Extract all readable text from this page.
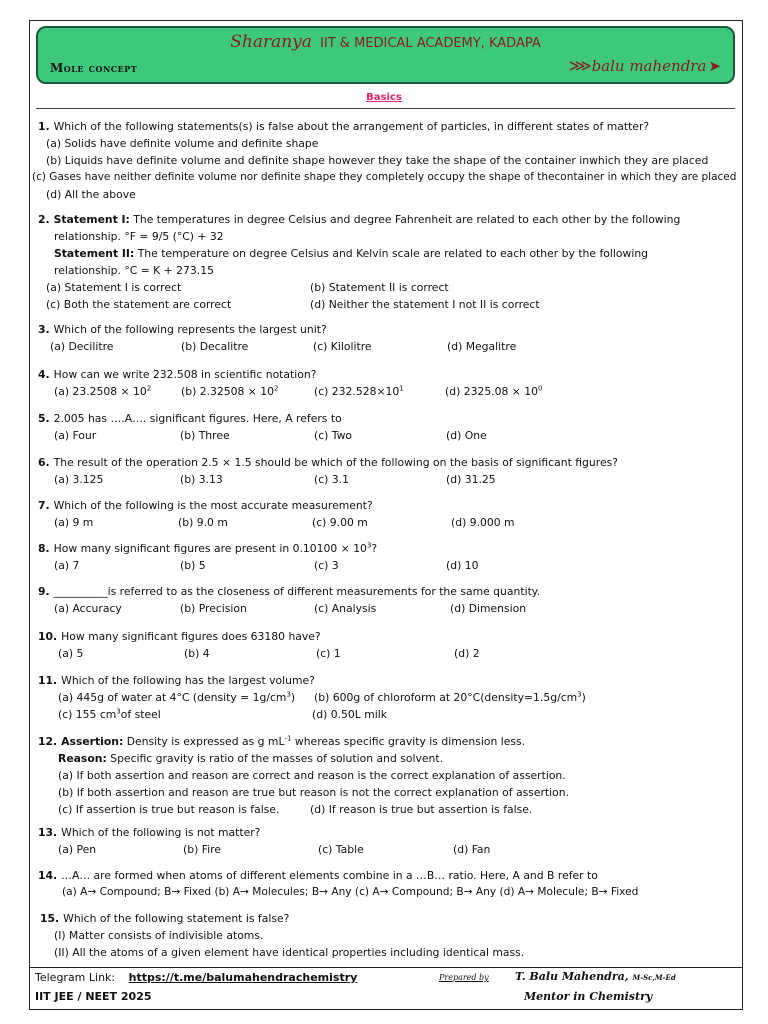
Sharanya IIT & MEDICAL ACADEMY, KADAPA
Mole concept	⋙ balu mahendra ➤
Basics
1. Which of the following statements(s) is false about the arrangement of particles, in different states of matter?
(a) Solids have definite volume and definite shape
(b) Liquids have definite volume and definite shape however they take the shape of the container inwhich they are placed
(c) Gases have neither definite volume nor definite shape they completely occupy the shape of thecontainer in which they are placed
(d) All the above
2. Statement I: The temperatures in degree Celsius and degree Fahrenheit are related to each other by the following
relationship. °F = 9/5 (°C) + 32
Statement II: The temperature on degree Celsius and Kelvin scale are related to each other by the following
relationship. °C = K + 273.15
(a) Statement I is correct	(b) Statement II is correct
(c) Both the statement are correct	(d) Neither the statement I not II is correct
3. Which of the following represents the largest unit?
(a) Decilitre	(b) Decalitre	(c) Kilolitre	(d) Megalitre
4. How can we write 232.508 in scientific notation?
(a) $23.2508 \times 10^2$	(b) $2.32508 \times 10^2$	(c) $232.528\times 10^1$	(d) $2325.08 \times 10^0$
5. 2.005 has ….A…. significant figures. Here, A refers to
(a) Four	(b) Three	(c) Two	(d) One
6. The result of the operation 2.5 × 1.5 should be which of the following on the basis of significant figures?
(a) 3.125	(b) 3.13	(c) 3.1	(d) 31.25
7. Which of the following is the most accurate measurement?
(a) 9 m	(b) 9.0 m	(c) 9.00 m	(d) 9.000 m
8. How many significant figures are present in $0.10100 \times 10^3$?
(a) 7	(b) 5	(c) 3	(d) 10
9. __________is referred to as the closeness of different measurements for the same quantity.
(a) Accuracy	(b) Precision	(c) Analysis	(d) Dimension
10. How many significant figures does 63180 have?
(a) 5	(b) 4	(c) 1	(d) 2
11. Which of the following has the largest volume?
(a) 445g of water at 4°C (density = $1g/cm^3$)	(b) 600g of chloroform at $20^\circ C(density=1.5g/cm^3)$
(c) 155 $cm^3of$ steel	(d) 0.50L milk
12. Assertion: Density is expressed as g $mL^{-1}$ whereas specific gravity is dimension less.
Reason: Specific gravity is ratio of the masses of solution and solvent.
(a) If both assertion and reason are correct and reason is the correct explanation of assertion.
(b) If both assertion and reason are true but reason is not the correct explanation of assertion.
(c) If assertion is true but reason is false.	(d) If reason is true but assertion is false.
13. Which of the following is not matter?
(a) Pen	(b) Fire	(c) Table	(d) Fan
14. …A… are formed when atoms of different elements combine in a …B… ratio. Here, A and B refer to
(a) A→ Compound; B→ Fixed (b) A→ Molecules; B→ Any (c) A→ Compound; B→ Any (d) A→ Molecule; B→ Fixed
15. Which of the following statement is false?
(I) Matter consists of indivisible atoms.
(II) All the atoms of a given element have identical properties including identical mass.
Telegram Link: https://t.me/balumahendrachemistry
IIT JEE / NEET 2025
Prepared by T. Balu Mahendra, M-Sc,M-Ed
Mentor in Chemistry
